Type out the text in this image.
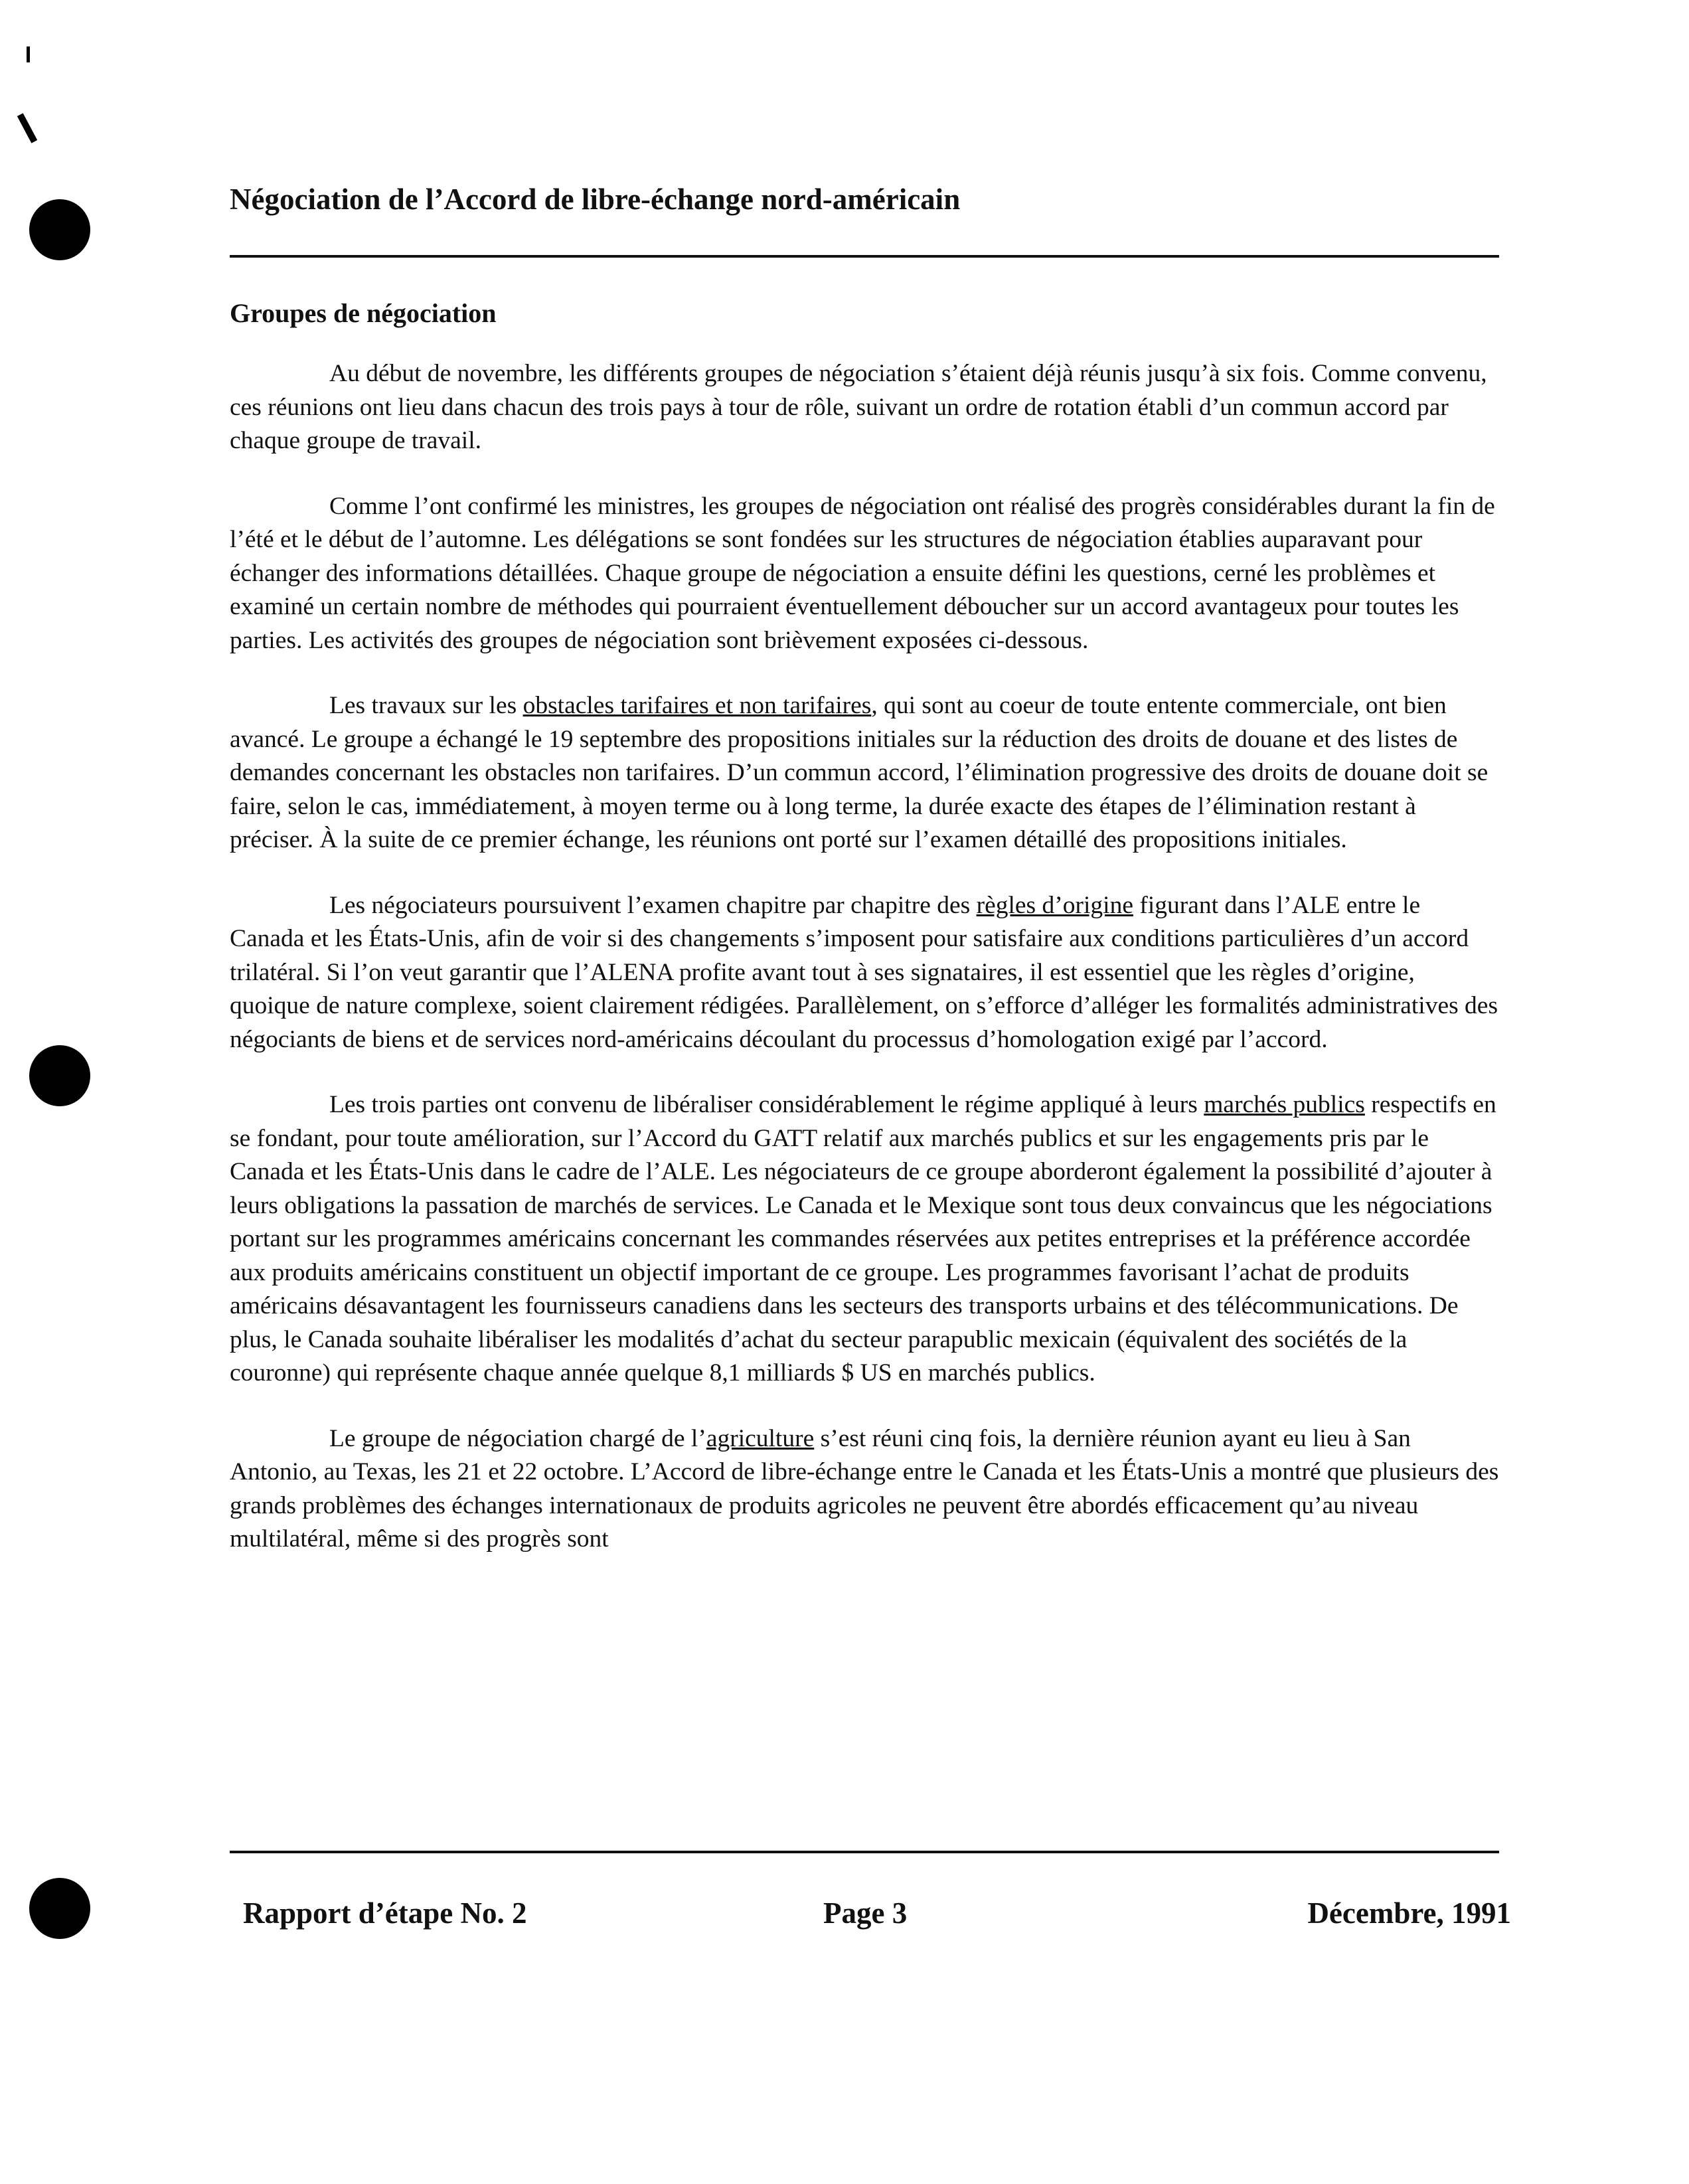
Négociation de l’Accord de libre-échange nord-américain
Groupes de négociation

Au début de novembre, les différents groupes de négociation s’étaient déjà réunis jusqu’à six fois. Comme convenu, ces réunions ont lieu dans chacun des trois pays à tour de rôle, suivant un ordre de rotation établi d’un commun accord par chaque groupe de travail.

Comme l’ont confirmé les ministres, les groupes de négociation ont réalisé des progrès considérables durant la fin de l’été et le début de l’automne. Les délégations se sont fondées sur les structures de négociation établies auparavant pour échanger des informations détaillées. Chaque groupe de négociation a ensuite défini les questions, cerné les problèmes et examiné un certain nombre de méthodes qui pourraient éventuellement déboucher sur un accord avantageux pour toutes les parties. Les activités des groupes de négociation sont brièvement exposées ci-dessous.

Les travaux sur les obstacles tarifaires et non tarifaires, qui sont au coeur de toute entente commerciale, ont bien avancé. Le groupe a échangé le 19 septembre des propositions initiales sur la réduction des droits de douane et des listes de demandes concernant les obstacles non tarifaires. D’un commun accord, l’élimination progressive des droits de douane doit se faire, selon le cas, immédiatement, à moyen terme ou à long terme, la durée exacte des étapes de l’élimination restant à préciser. À la suite de ce premier échange, les réunions ont porté sur l’examen détaillé des propositions initiales.

Les négociateurs poursuivent l’examen chapitre par chapitre des règles d’origine figurant dans l’ALE entre le Canada et les États-Unis, afin de voir si des changements s’imposent pour satisfaire aux conditions particulières d’un accord trilatéral. Si l’on veut garantir que l’ALENA profite avant tout à ses signataires, il est essentiel que les règles d’origine, quoique de nature complexe, soient clairement rédigées. Parallèlement, on s’efforce d’alléger les formalités administratives des négociants de biens et de services nord-américains découlant du processus d’homologation exigé par l’accord.

Les trois parties ont convenu de libéraliser considérablement le régime appliqué à leurs marchés publics respectifs en se fondant, pour toute amélioration, sur l’Accord du GATT relatif aux marchés publics et sur les engagements pris par le Canada et les États-Unis dans le cadre de l’ALE. Les négociateurs de ce groupe aborderont également la possibilité d’ajouter à leurs obligations la passation de marchés de services. Le Canada et le Mexique sont tous deux convaincus que les négociations portant sur les programmes américains concernant les commandes réservées aux petites entreprises et la préférence accordée aux produits américains constituent un objectif important de ce groupe. Les programmes favorisant l’achat de produits américains désavantagent les fournisseurs canadiens dans les secteurs des transports urbains et des télécommunications. De plus, le Canada souhaite libéraliser les modalités d’achat du secteur parapublic mexicain (équivalent des sociétés de la couronne) qui représente chaque année quelque 8,1 milliards $ US en marchés publics.

Le groupe de négociation chargé de l’agriculture s’est réuni cinq fois, la dernière réunion ayant eu lieu à San Antonio, au Texas, les 21 et 22 octobre. L’Accord de libre-échange entre le Canada et les États-Unis a montré que plusieurs des grands problèmes des échanges internationaux de produits agricoles ne peuvent être abordés efficacement qu’au niveau multilatéral, même si des progrès sont

Rapport d’étape No. 2	Page 3	Décembre, 1991
